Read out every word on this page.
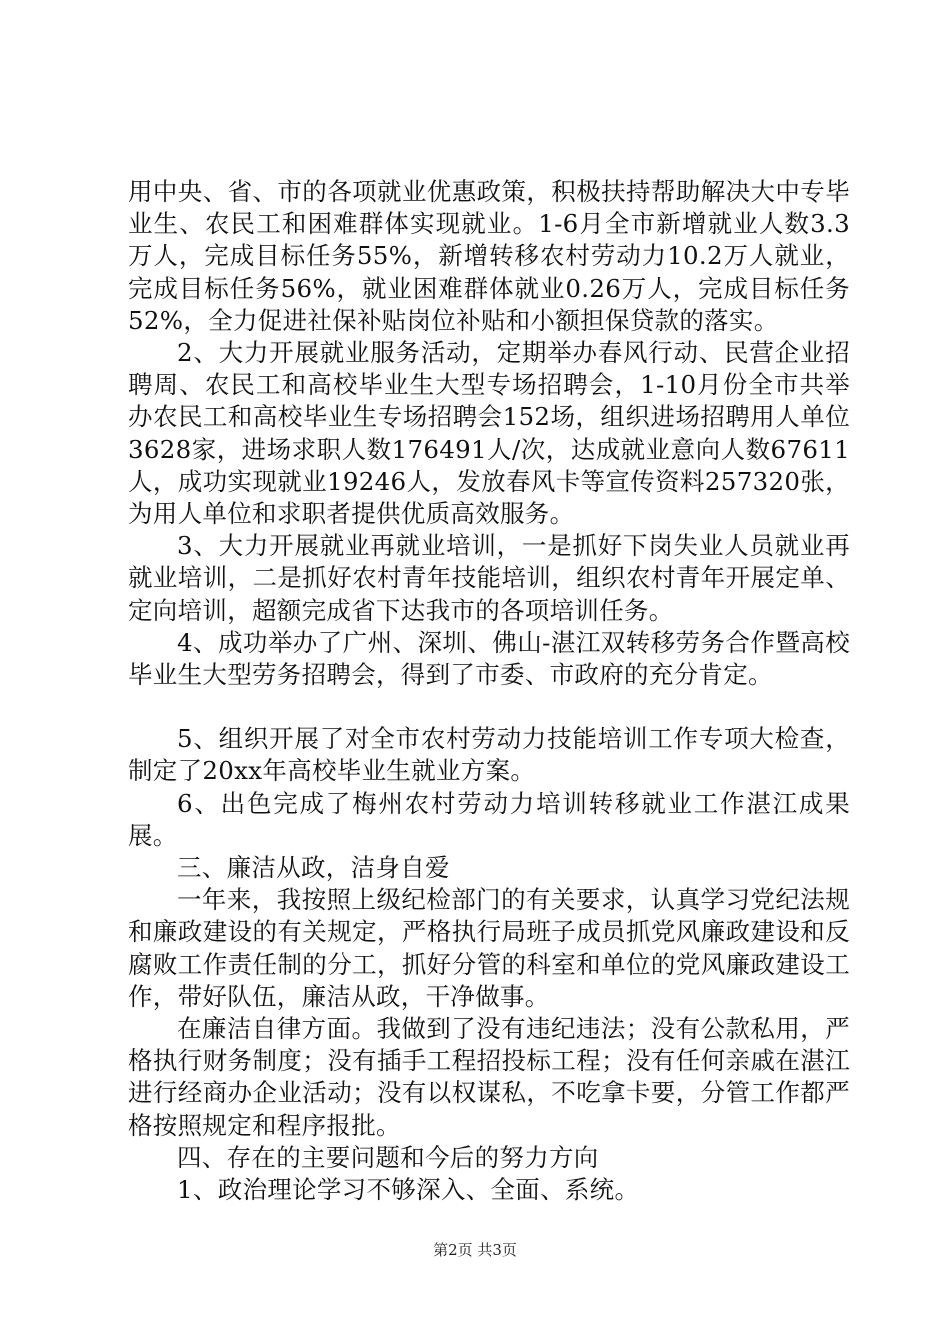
用中央、省、市的各项就业优惠政策，积极扶持帮助解决大中专毕业生、农民工和困难群体实现就业。1-6月全市新增就业人数3.3万人，完成目标任务55%，新增转移农村劳动力10.2万人就业，完成目标任务56%，就业困难群体就业0.26万人，完成目标任务52%，全力促进社保补贴岗位补贴和小额担保贷款的落实。

2、大力开展就业服务活动，定期举办春风行动、民营企业招聘周、农民工和高校毕业生大型专场招聘会，1-10月份全市共举办农民工和高校毕业生专场招聘会152场，组织进场招聘用人单位3628家，进场求职人数176491人/次，达成就业意向人数67611人，成功实现就业19246人，发放春风卡等宣传资料257320张，为用人单位和求职者提供优质高效服务。

3、大力开展就业再就业培训，一是抓好下岗失业人员就业再就业培训，二是抓好农村青年技能培训，组织农村青年开展定单、定向培训，超额完成省下达我市的各项培训任务。

4、成功举办了广州、深圳、佛山-湛江双转移劳务合作暨高校毕业生大型劳务招聘会，得到了市委、市政府的充分肯定。

5、组织开展了对全市农村劳动力技能培训工作专项大检查，制定了20xx年高校毕业生就业方案。

6、出色完成了梅州农村劳动力培训转移就业工作湛江成果展。

三、廉洁从政，洁身自爱

一年来，我按照上级纪检部门的有关要求，认真学习党纪法规和廉政建设的有关规定，严格执行局班子成员抓党风廉政建设和反腐败工作责任制的分工，抓好分管的科室和单位的党风廉政建设工作，带好队伍，廉洁从政，干净做事。

在廉洁自律方面。我做到了没有违纪违法；没有公款私用，严格执行财务制度；没有插手工程招投标工程；没有任何亲戚在湛江进行经商办企业活动；没有以权谋私，不吃拿卡要，分管工作都严格按照规定和程序报批。

四、存在的主要问题和今后的努力方向

1、政治理论学习不够深入、全面、系统。

第2页 共3页
